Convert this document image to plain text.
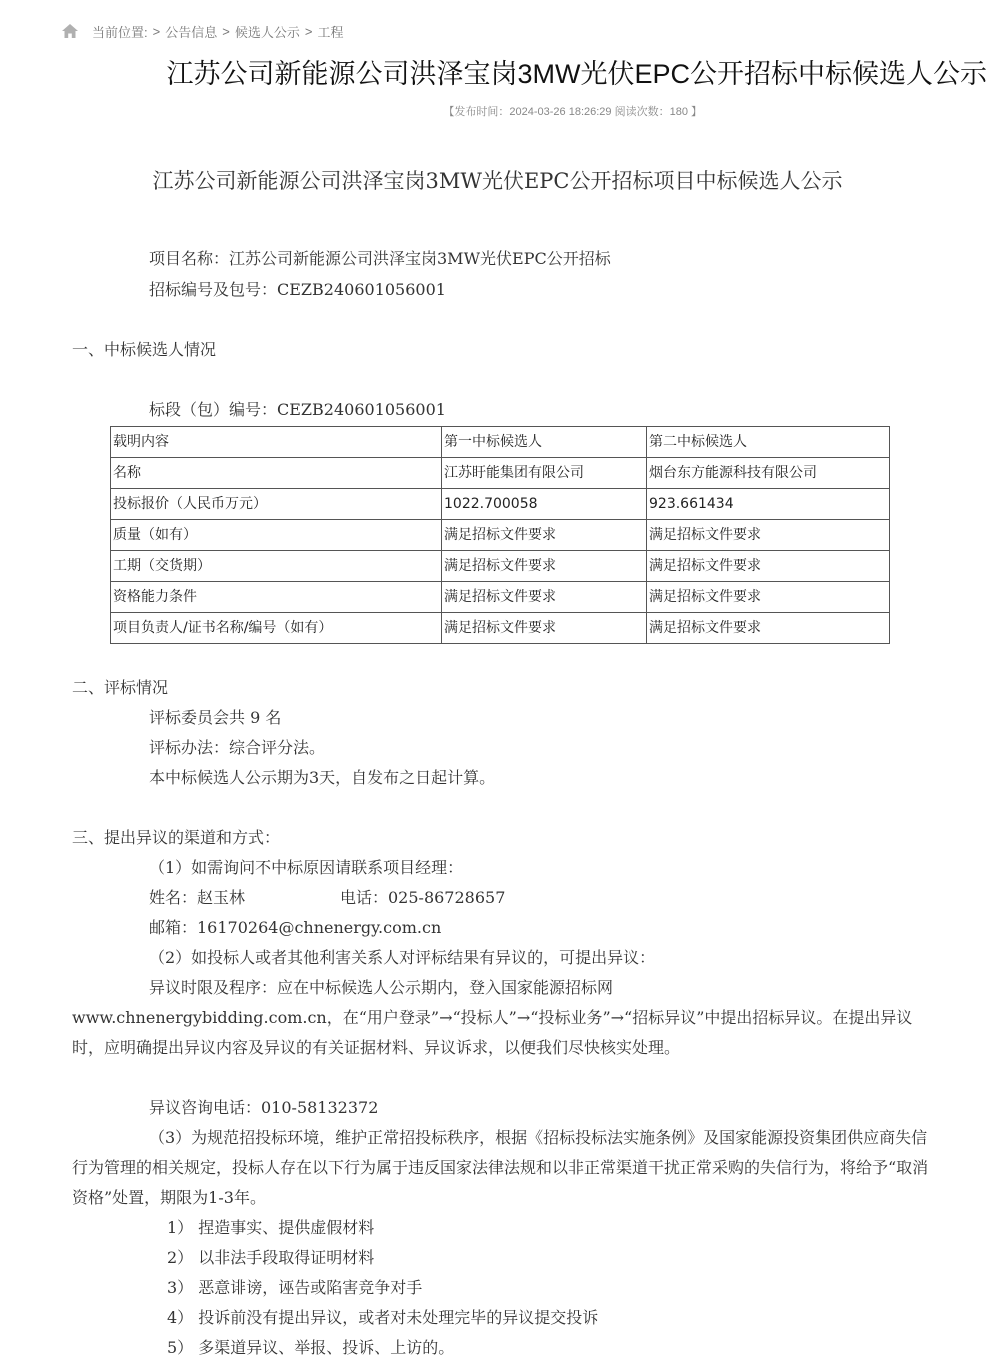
当前位置: > 公告信息 > 候选人公示 > 工程
江苏公司新能源公司洪泽宝岗3MW光伏EPC公开招标中标候选人公示
【发布时间：2024-03-26 18:26:29 阅读次数：180 】
江苏公司新能源公司洪泽宝岗3MW光伏EPC公开招标项目中标候选人公示
项目名称：江苏公司新能源公司洪泽宝岗3MW光伏EPC公开招标
招标编号及包号：CEZB240601056001
一、中标候选人情况
标段（包）编号：CEZB240601056001
载明内容	第一中标候选人	第二中标候选人
名称	江苏盱能集团有限公司	烟台东方能源科技有限公司
投标报价（人民币万元）	1022.700058	923.661434
质量（如有）	满足招标文件要求	满足招标文件要求
工期（交货期）	满足招标文件要求	满足招标文件要求
资格能力条件	满足招标文件要求	满足招标文件要求
项目负责人/证书名称/编号（如有）	满足招标文件要求	满足招标文件要求
二、评标情况
评标委员会共 9 名
评标办法：综合评分法。
本中标候选人公示期为3天，自发布之日起计算。
三、提出异议的渠道和方式：
（1）如需询问不中标原因请联系项目经理：
姓名：赵玉林	电话：025-86728657
邮箱：16170264@chnenergy.com.cn
（2）如投标人或者其他利害关系人对评标结果有异议的，可提出异议：
异议时限及程序：应在中标候选人公示期内，登入国家能源招标网
www.chnenergybidding.com.cn，在“用户登录”→“投标人”→“投标业务”→“招标异议”中提出招标异议。在提出异议时，应明确提出异议内容及异议的有关证据材料、异议诉求，以便我们尽快核实处理。
异议咨询电话：010-58132372
（3）为规范招投标环境，维护正常招投标秩序，根据《招标投标法实施条例》及国家能源投资集团供应商失信行为管理的相关规定，投标人存在以下行为属于违反国家法律法规和以非正常渠道干扰正常采购的失信行为，将给予“取消资格”处置，期限为1-3年。
1） 捏造事实、提供虚假材料
2） 以非法手段取得证明材料
3） 恶意诽谤，诬告或陷害竞争对手
4） 投诉前没有提出异议，或者对未处理完毕的异议提交投诉
5） 多渠道异议、举报、投诉、上访的。
